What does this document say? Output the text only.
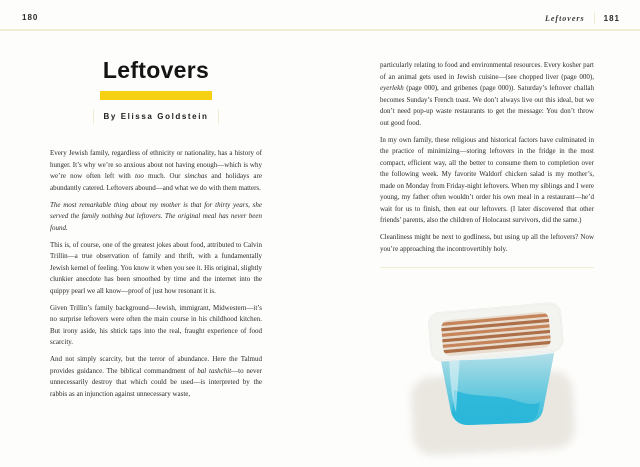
180	Leftovers 181
Leftovers
By Elissa Goldstein

Every Jewish family, regardless of ethnicity or nationality, has a history of hunger. It’s why we’re so anxious about not having enough—which is why we’re now often left with too much. Our simchas and holidays are abundantly catered. Leftovers abound—and what we do with them matters.

The most remarkable thing about my mother is that for thirty years, she served the family nothing but leftovers. The original meal has never been found.

This is, of course, one of the greatest jokes about food, attributed to Calvin Trillin—a true observation of family and thrift, with a fundamentally Jewish kernel of feeling. You know it when you see it. His original, slightly clunkier anecdote has been smoothed by time and the internet into the quippy pearl we all know—proof of just how resonant it is.

Given Trillin’s family background—Jewish, immigrant, Midwestern—it’s no surprise leftovers were often the main course in his childhood kitchen. But irony aside, his shtick taps into the real, fraught experience of food scarcity.

And not simply scarcity, but the terror of abundance. Here the Talmud provides guidance. The biblical commandment of bal tashchit—to never unnecessarily destroy that which could be used—is interpreted by the rabbis as an injunction against unnecessary waste,

particularly relating to food and environmental resources. Every kosher part of an animal gets used in Jewish cuisine—(see chopped liver (page 000), eyerlekh (page 000), and gribenes (page 000)). Saturday’s leftover challah becomes Sunday’s French toast. We don’t always live out this ideal, but we don’t need pop-up waste restaurants to get the message: You don’t throw out good food.

In my own family, these religious and historical factors have culminated in the practice of minimizing—storing leftovers in the fridge in the most compact, efficient way, all the better to consume them to completion over the following week. My favorite Waldorf chicken salad is my mother’s, made on Monday from Friday-night leftovers. When my siblings and I were young, my father often wouldn’t order his own meal in a restaurant—he’d wait for us to finish, then eat our leftovers. (I later discovered that other friends’ parents, also the children of Holocaust survivors, did the same.)

Cleanliness might be next to godliness, but using up all the leftovers? Now you’re approaching the incontrovertibly holy.
